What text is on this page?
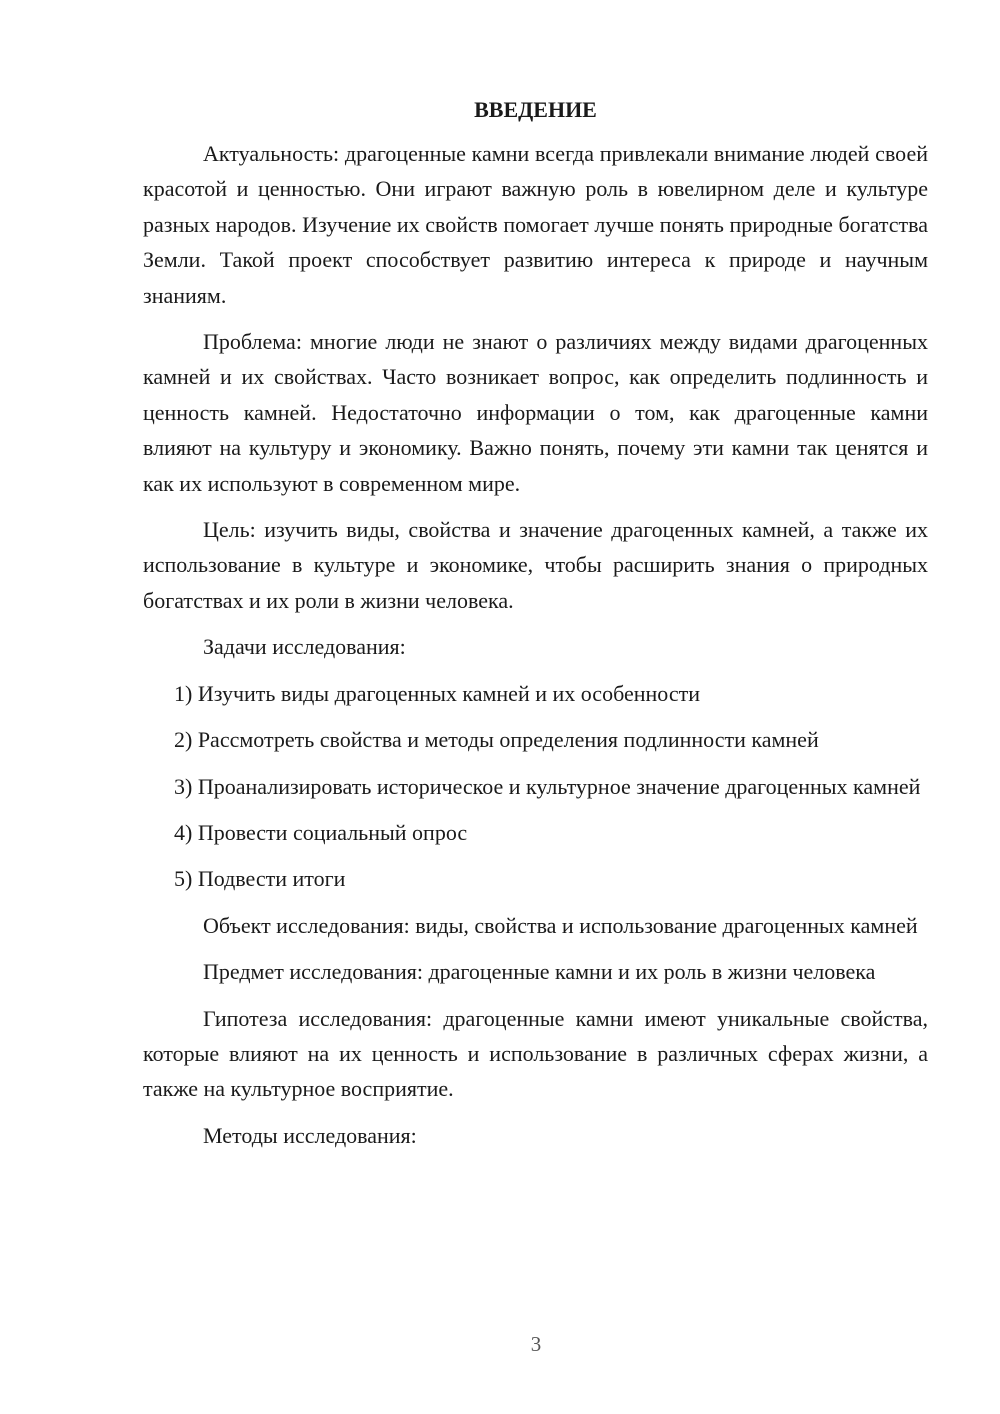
ВВЕДЕНИЕ

Актуальность: драгоценные камни всегда привлекали внимание людей своей красотой и ценностью. Они играют важную роль в ювелирном деле и культуре разных народов. Изучение их свойств помогает лучше понять природные богатства Земли. Такой проект способствует развитию интереса к природе и научным знаниям.

Проблема: многие люди не знают о различиях между видами драгоценных камней и их свойствах. Часто возникает вопрос, как определить подлинность и ценность камней. Недостаточно информации о том, как драгоценные камни влияют на культуру и экономику. Важно понять, почему эти камни так ценятся и как их используют в современном мире.

Цель: изучить виды, свойства и значение драгоценных камней, а также их использование в культуре и экономике, чтобы расширить знания о природных богатствах и их роли в жизни человека.

Задачи исследования:

1) Изучить виды драгоценных камней и их особенности

2) Рассмотреть свойства и методы определения подлинности камней

3) Проанализировать историческое и культурное значение драгоценных камней

4) Провести социальный опрос

5) Подвести итоги

Объект исследования: виды, свойства и использование драгоценных камней

Предмет исследования: драгоценные камни и их роль в жизни человека

Гипотеза исследования: драгоценные камни имеют уникальные свойства, которые влияют на их ценность и использование в различных сферах жизни, а также на культурное восприятие.

Методы исследования:

3
